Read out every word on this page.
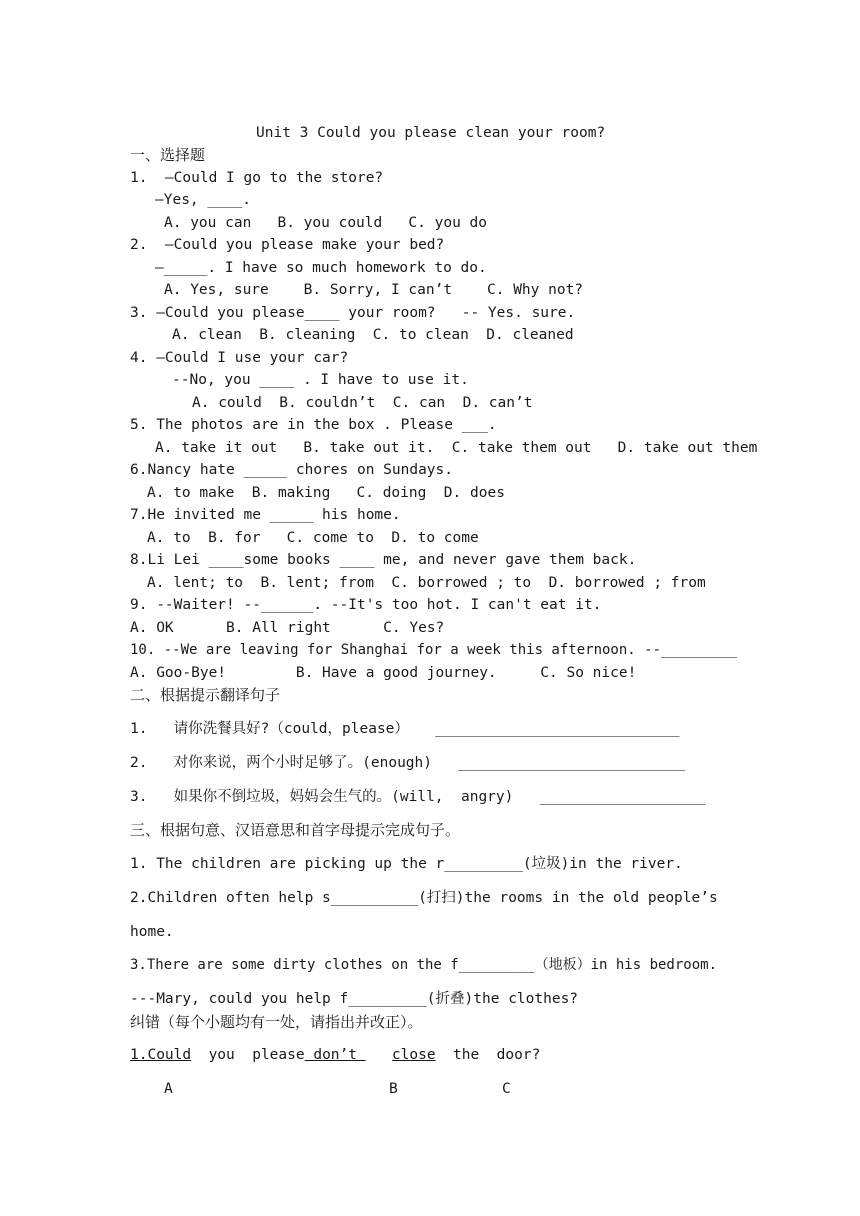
Unit 3 Could you please clean your room?
一、选择题
1.  —Could I go to the store?
—Yes, ____.
A. you can   B. you could   C. you do
2.  —Could you please make your bed?
—_____. I have so much homework to do.
A. Yes, sure    B. Sorry, I can’t    C. Why not?
3. –Could you please____ your room?   -- Yes. sure.
A. clean  B. cleaning  C. to clean  D. cleaned
4. –Could I use your car?
--No, you ____ . I have to use it.
A. could  B. couldn’t  C. can  D. can’t
5. The photos are in the box . Please ___.
A. take it out   B. take out it.  C. take them out   D. take out them
6.Nancy hate _____ chores on Sundays.
A. to make  B. making   C. doing  D. does
7.He invited me _____ his home.
A. to  B. for   C. come to  D. to come
8.Li Lei ____some books ____ me, and never gave them back.
A. lent; to  B. lent; from  C. borrowed ; to  D. borrowed ; from
9. --Waiter! --______. --It's too hot. I can't eat it.
A. OK      B. All right      C. Yes?
10. --We are leaving for Shanghai for a week this afternoon. --_________
A. Goo-Bye!        B. Have a good journey.     C. So nice!
二、根据提示翻译句子
1.   请你洗餐具好?（could，please）   ____________________________
2.   对你来说，两个小时足够了。(enough)   __________________________
3.   如果你不倒垃圾，妈妈会生气的。(will,  angry)   ___________________
三、根据句意、汉语意思和首字母提示完成句子。
1. The children are picking up the r_________(垃圾)in the river.
2.Children often help s__________(打扫)the rooms in the old people’s
home.
3.There are some dirty clothes on the f_________（地板）in his bedroom.
---Mary, could you help f_________(折叠)the clothes?
纠错（每个小题均有一处，请指出并改正）。
1.Could  you  please don’t    close  the  door?
A	B	C
